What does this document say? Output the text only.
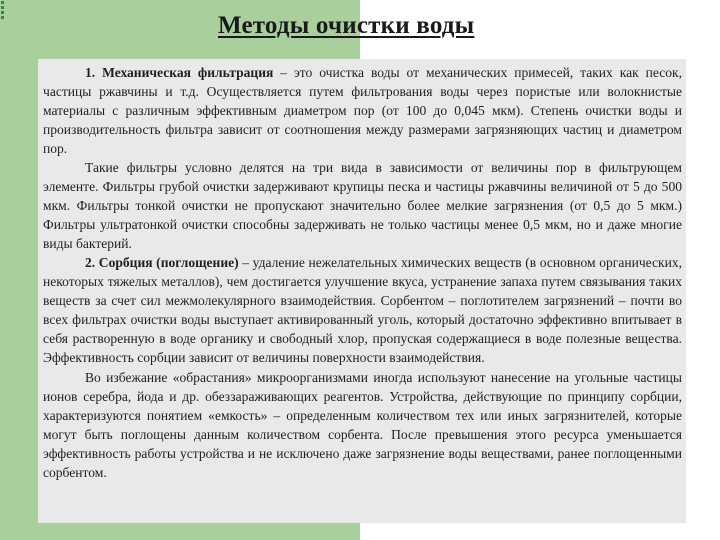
Методы очистки воды

1. Механическая фильтрация – это очистка воды от механических примесей, таких как песок, частицы ржавчины и т.д. Осуществляется путем фильтрования воды через пористые или волокнистые материалы с различным эффективным диаметром пор (от 100 до 0,045 мкм). Степень очистки воды и производительность фильтра зависит от соотношения между размерами загрязняющих частиц и диаметром пор.

Такие фильтры условно делятся на три вида в зависимости от величины пор в фильтрующем элементе. Фильтры грубой очистки задерживают крупицы песка и частицы ржавчины величиной от 5 до 500 мкм. Фильтры тонкой очистки не пропускают значительно более мелкие загрязнения (от 0,5 до 5 мкм.) Фильтры ультратонкой очистки способны задерживать не только частицы менее 0,5 мкм, но и даже многие виды бактерий.

2. Сорбция (поглощение) – удаление нежелательных химических веществ (в основном органических, некоторых тяжелых металлов), чем достигается улучшение вкуса, устранение запаха путем связывания таких веществ за счет сил межмолекулярного взаимодействия. Сорбентом – поглотителем загрязнений – почти во всех фильтрах очистки воды выступает активированный уголь, который достаточно эффективно впитывает в себя растворенную в воде органику и свободный хлор, пропуская содержащиеся в воде полезные вещества. Эффективность сорбции зависит от величины поверхности взаимодействия.

Во избежание «обрастания» микроорганизмами иногда используют нанесение на угольные частицы ионов серебра, йода и др. обеззараживающих реагентов. Устройства, действующие по принципу сорбции, характеризуются понятием «емкость» – определенным количеством тех или иных загрязнителей, которые могут быть поглощены данным количеством сорбента. После превышения этого ресурса уменьшается эффективность работы устройства и не исключено даже загрязнение воды веществами, ранее поглощенными сорбентом.
